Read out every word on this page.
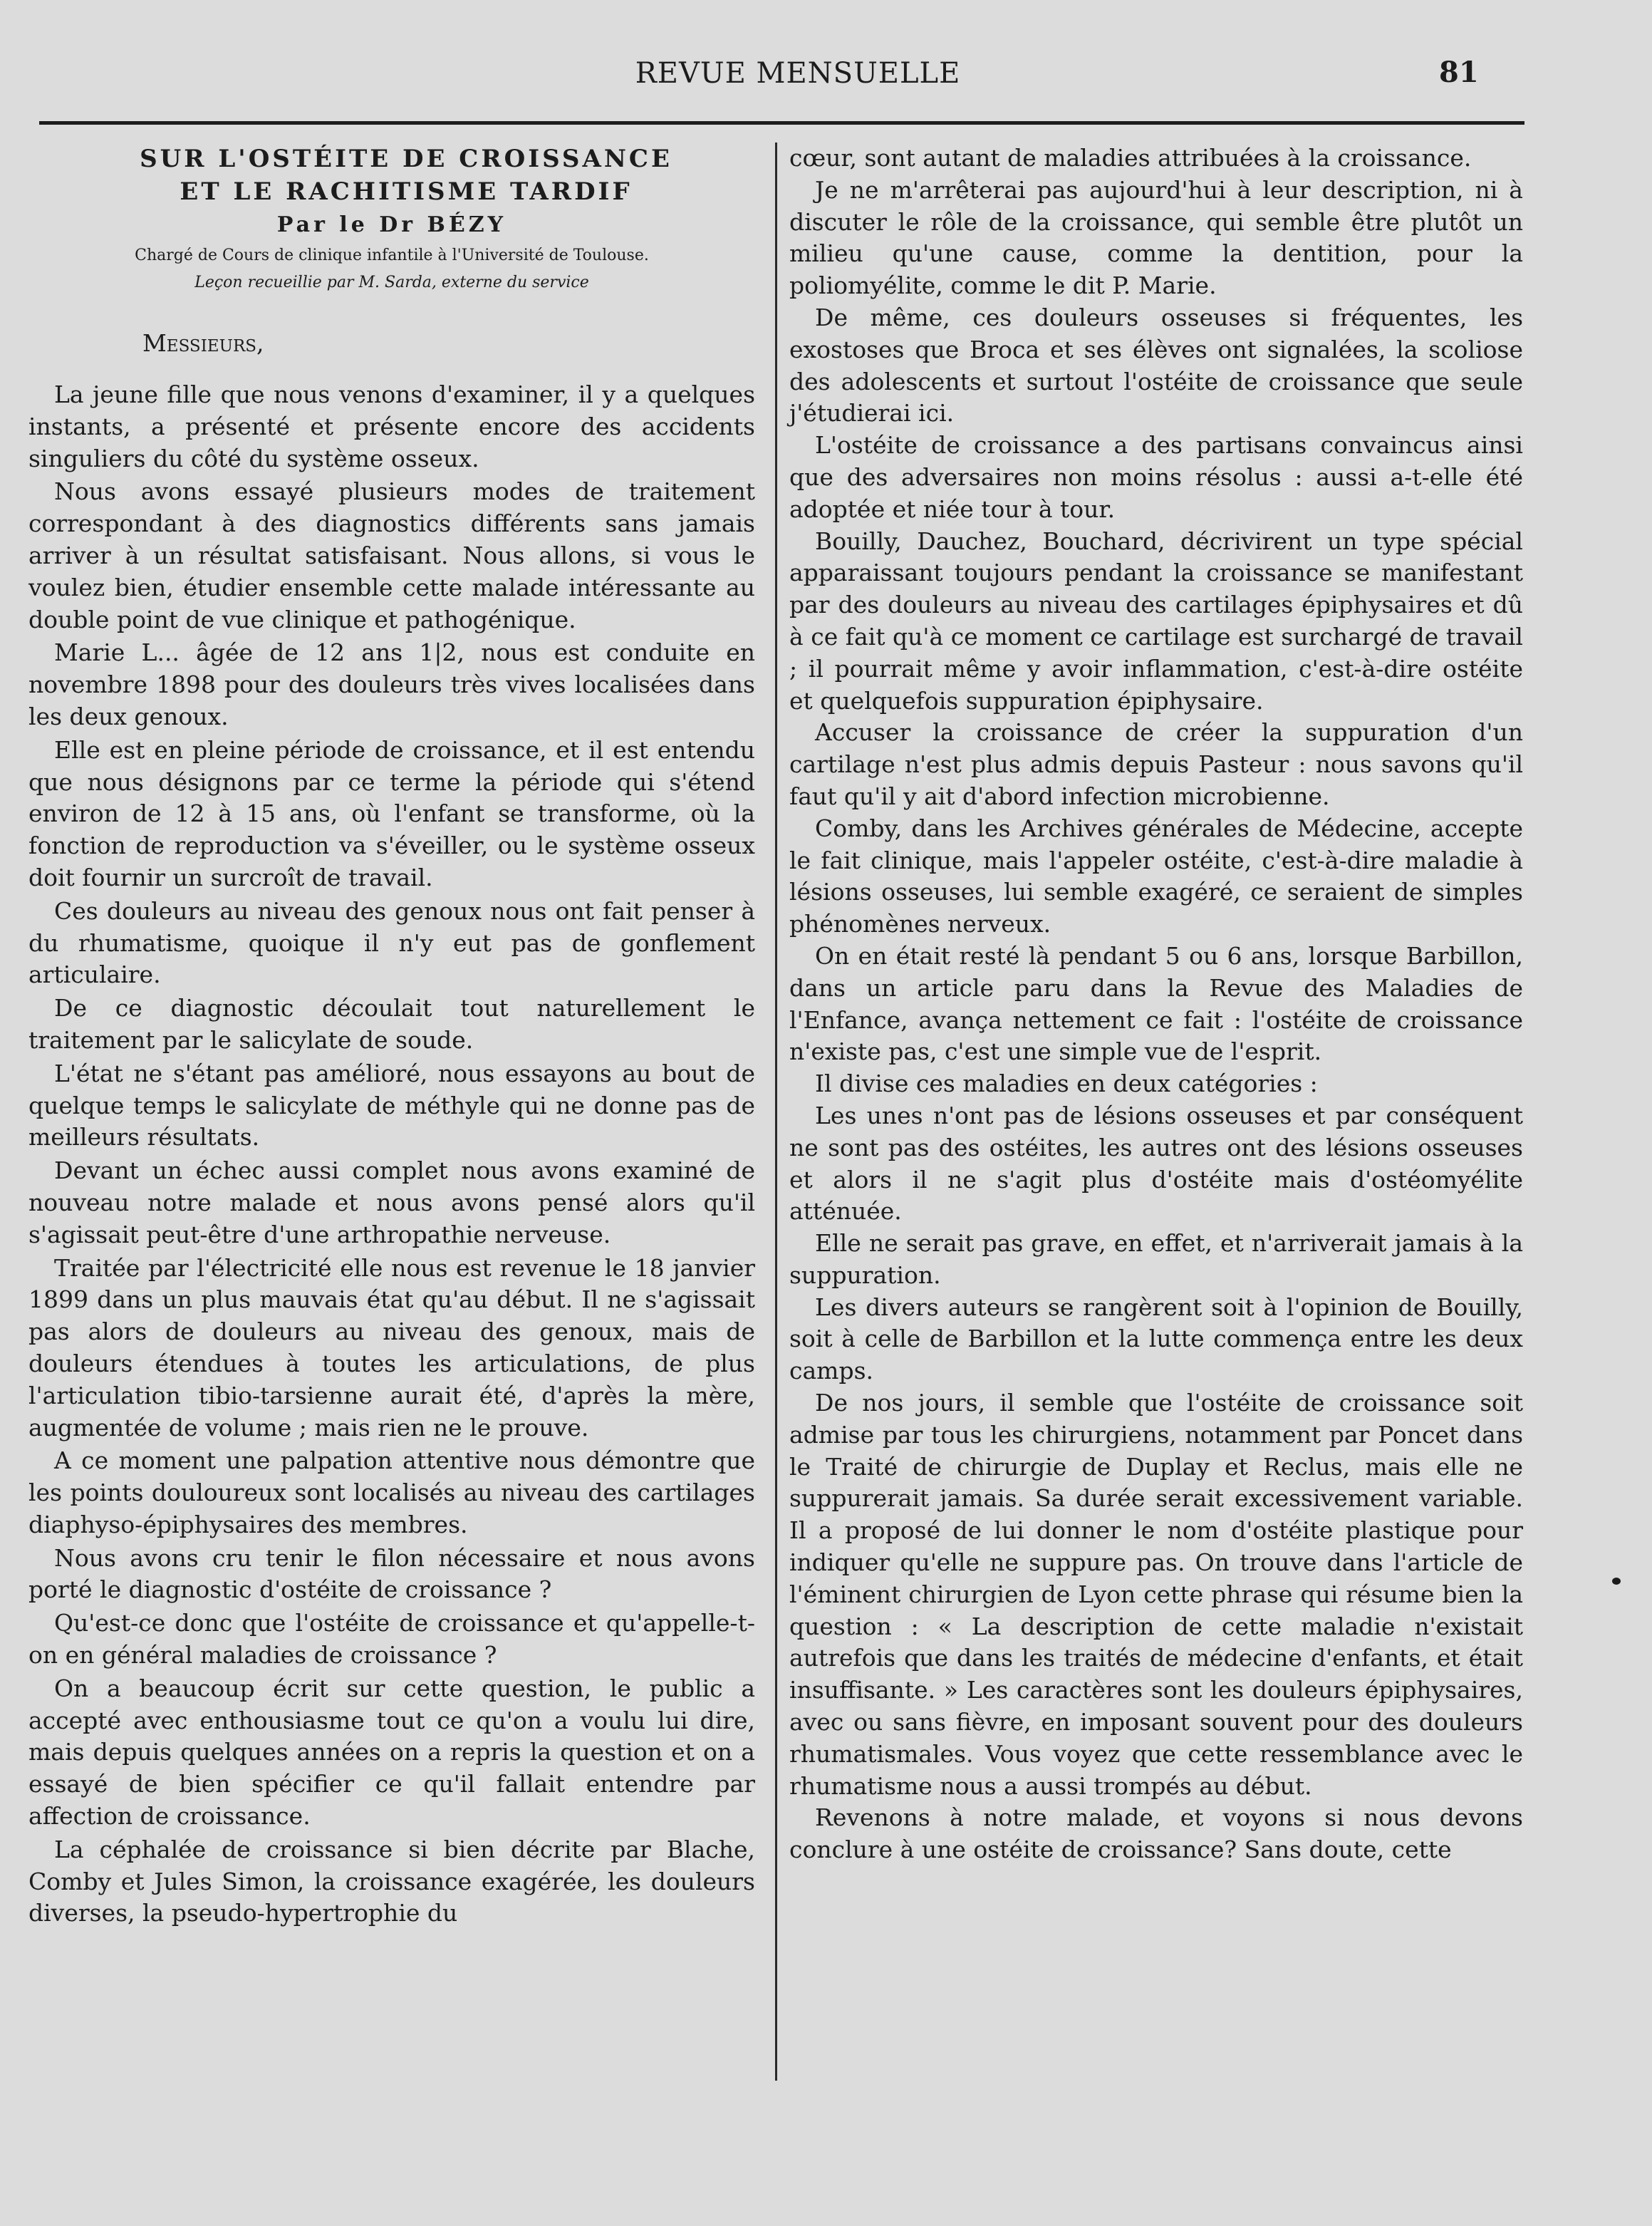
REVUE MENSUELLE	81
SUR L'OSTÉITE DE CROISSANCE
ET LE RACHITISME TARDIF
Par le Dr BÉZY
Chargé de Cours de clinique infantile à l'Université de Toulouse.
Leçon recueillie par M. Sarda, externe du service
Messieurs,

La jeune fille que nous venons d'examiner, il y a quelques instants, a présenté et présente encore des accidents singuliers du côté du système osseux.

Nous avons essayé plusieurs modes de traitement correspondant à des diagnostics différents sans jamais arriver à un résultat satisfaisant. Nous allons, si vous le voulez bien, étudier ensemble cette malade intéressante au double point de vue clinique et pathogénique.

Marie L... âgée de 12 ans 1|2, nous est conduite en novembre 1898 pour des douleurs très vives localisées dans les deux genoux.

Elle est en pleine période de croissance, et il est entendu que nous désignons par ce terme la période qui s'étend environ de 12 à 15 ans, où l'enfant se transforme, où la fonction de reproduction va s'éveiller, ou le système osseux doit fournir un surcroît de travail.

Ces douleurs au niveau des genoux nous ont fait penser à du rhumatisme, quoique il n'y eut pas de gonflement articulaire.

De ce diagnostic découlait tout naturellement le traitement par le salicylate de soude.

L'état ne s'étant pas amélioré, nous essayons au bout de quelque temps le salicylate de méthyle qui ne donne pas de meilleurs résultats.

Devant un échec aussi complet nous avons examiné de nouveau notre malade et nous avons pensé alors qu'il s'agissait peut-être d'une arthropathie nerveuse.

Traitée par l'électricité elle nous est revenue le 18 janvier 1899 dans un plus mauvais état qu'au début. Il ne s'agissait pas alors de douleurs au niveau des genoux, mais de douleurs étendues à toutes les articulations, de plus l'articulation tibio-tarsienne aurait été, d'après la mère, augmentée de volume ; mais rien ne le prouve.

A ce moment une palpation attentive nous démontre que les points douloureux sont localisés au niveau des cartilages diaphyso-épiphysaires des membres.

Nous avons cru tenir le filon nécessaire et nous avons porté le diagnostic d'ostéite de croissance ?

Qu'est-ce donc que l'ostéite de croissance et qu'appelle-t-on en général maladies de croissance ?

On a beaucoup écrit sur cette question, le public a accepté avec enthousiasme tout ce qu'on a voulu lui dire, mais depuis quelques années on a repris la question et on a essayé de bien spécifier ce qu'il fallait entendre par affection de croissance.

La céphalée de croissance si bien décrite par Blache, Comby et Jules Simon, la croissance exagérée, les douleurs diverses, la pseudo-hypertrophie du

cœur, sont autant de maladies attribuées à la croissance.

Je ne m'arrêterai pas aujourd'hui à leur description, ni à discuter le rôle de la croissance, qui semble être plutôt un milieu qu'une cause, comme la dentition, pour la poliomyélite, comme le dit P. Marie.

De même, ces douleurs osseuses si fréquentes, les exostoses que Broca et ses élèves ont signalées, la scoliose des adolescents et surtout l'ostéite de croissance que seule j'étudierai ici.

L'ostéite de croissance a des partisans convaincus ainsi que des adversaires non moins résolus : aussi a-t-elle été adoptée et niée tour à tour.

Bouilly, Dauchez, Bouchard, décrivirent un type spécial apparaissant toujours pendant la croissance se manifestant par des douleurs au niveau des cartilages épiphysaires et dû à ce fait qu'à ce moment ce cartilage est surchargé de travail ; il pourrait même y avoir inflammation, c'est-à-dire ostéite et quelquefois suppuration épiphysaire.

Accuser la croissance de créer la suppuration d'un cartilage n'est plus admis depuis Pasteur : nous savons qu'il faut qu'il y ait d'abord infection microbienne.

Comby, dans les Archives générales de Médecine, accepte le fait clinique, mais l'appeler ostéite, c'est-à-dire maladie à lésions osseuses, lui semble exagéré, ce seraient de simples phénomènes nerveux.

On en était resté là pendant 5 ou 6 ans, lorsque Barbillon, dans un article paru dans la Revue des Maladies de l'Enfance, avança nettement ce fait : l'ostéite de croissance n'existe pas, c'est une simple vue de l'esprit.

Il divise ces maladies en deux catégories :

Les unes n'ont pas de lésions osseuses et par conséquent ne sont pas des ostéites, les autres ont des lésions osseuses et alors il ne s'agit plus d'ostéite mais d'ostéomyélite atténuée.

Elle ne serait pas grave, en effet, et n'arriverait jamais à la suppuration.

Les divers auteurs se rangèrent soit à l'opinion de Bouilly, soit à celle de Barbillon et la lutte commença entre les deux camps.

De nos jours, il semble que l'ostéite de croissance soit admise par tous les chirurgiens, notamment par Poncet dans le Traité de chirurgie de Duplay et Reclus, mais elle ne suppurerait jamais. Sa durée serait excessivement variable. Il a proposé de lui donner le nom d'ostéite plastique pour indiquer qu'elle ne suppure pas. On trouve dans l'article de l'éminent chirurgien de Lyon cette phrase qui résume bien la question : « La description de cette maladie n'existait autrefois que dans les traités de médecine d'enfants, et était insuffisante. » Les caractères sont les douleurs épiphysaires, avec ou sans fièvre, en imposant souvent pour des douleurs rhumatismales. Vous voyez que cette ressemblance avec le rhumatisme nous a aussi trompés au début.

Revenons à notre malade, et voyons si nous devons conclure à une ostéite de croissance? Sans doute, cette
